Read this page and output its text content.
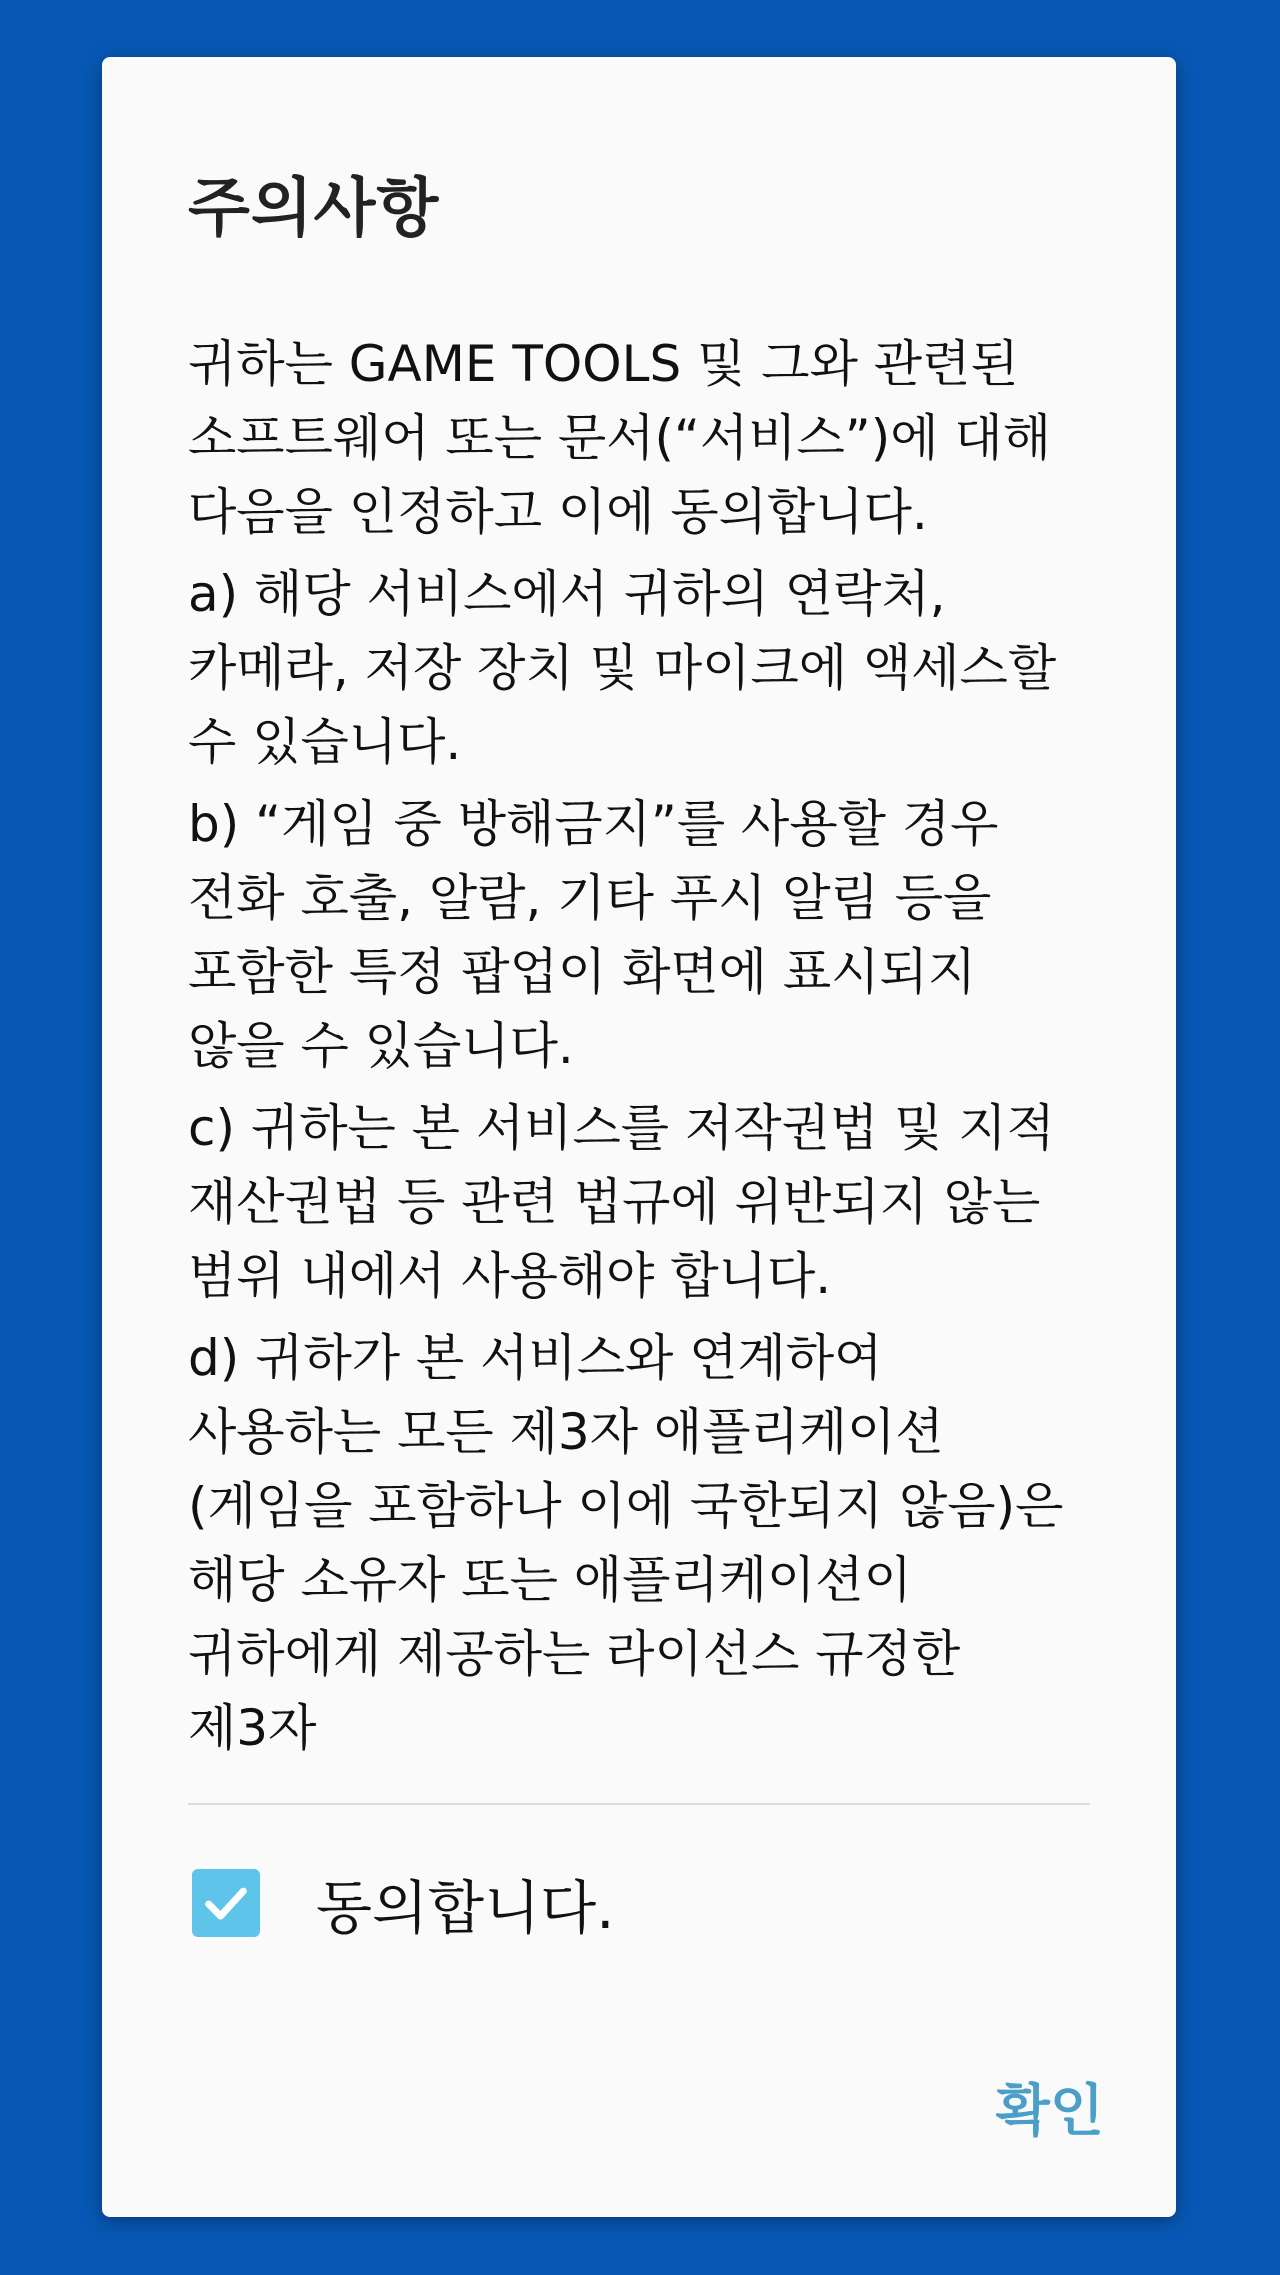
주의사항

귀하는 GAME TOOLS 및 그와 관련된 소프트웨어 또는 문서(“서비스”)에 대해 다음을 인정하고 이에 동의합니다.

a) 해당 서비스에서 귀하의 연락처, 카메라, 저장 장치 및 마이크에 액세스할 수 있습니다.

b) “게임 중 방해금지”를 사용할 경우 전화 호출, 알람, 기타 푸시 알림 등을 포함한 특정 팝업이 화면에 표시되지 않을 수 있습니다.

c) 귀하는 본 서비스를 저작권법 및 지적 재산권법 등 관련 법규에 위반되지 않는 범위 내에서 사용해야 합니다.

d) 귀하가 본 서비스와 연계하여 사용하는 모든 제3자 애플리케이션(게임을 포함하나 이에 국한되지 않음)은 해당 소유자 또는 애플리케이션이 귀하에게 제공하는 라이선스 규정한 제3자

동의합니다.
확인
